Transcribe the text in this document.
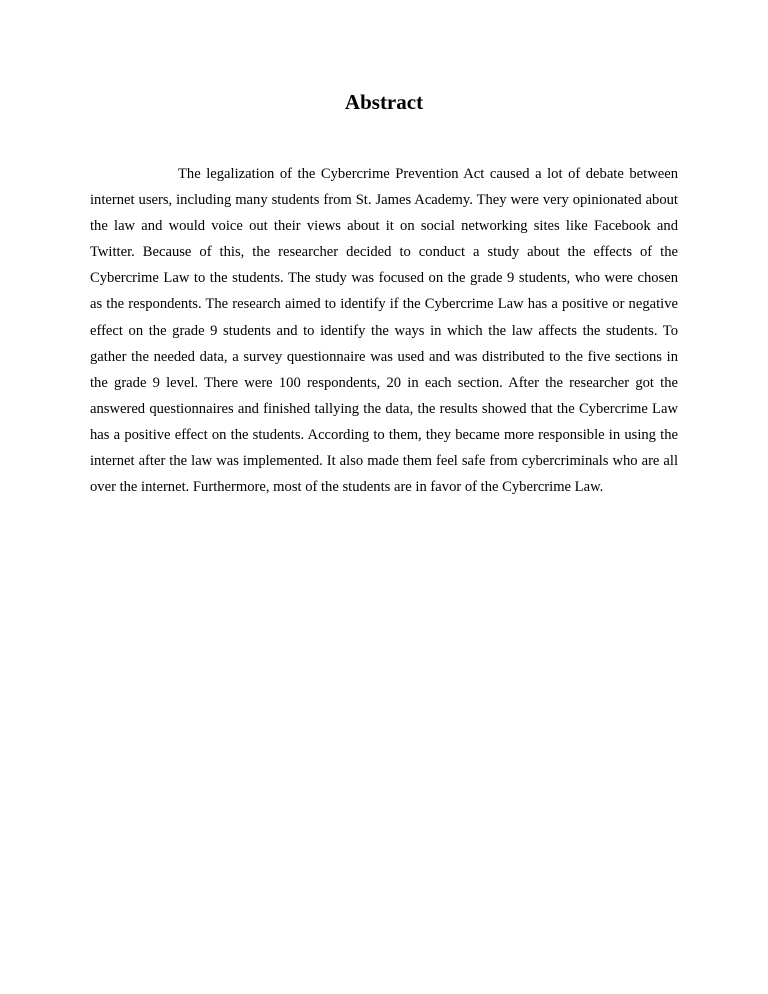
Abstract

The legalization of the Cybercrime Prevention Act caused a lot of debate between internet users, including many students from St. James Academy. They were very opinionated about the law and would voice out their views about it on social networking sites like Facebook and Twitter. Because of this, the researcher decided to conduct a study about the effects of the Cybercrime Law to the students. The study was focused on the grade 9 students, who were chosen as the respondents. The research aimed to identify if the Cybercrime Law has a positive or negative effect on the grade 9 students and to identify the ways in which the law affects the students. To gather the needed data, a survey questionnaire was used and was distributed to the five sections in the grade 9 level. There were 100 respondents, 20 in each section. After the researcher got the answered questionnaires and finished tallying the data, the results showed that the Cybercrime Law has a positive effect on the students. According to them, they became more responsible in using the internet after the law was implemented. It also made them feel safe from cybercriminals who are all over the internet. Furthermore, most of the students are in favor of the Cybercrime Law.
